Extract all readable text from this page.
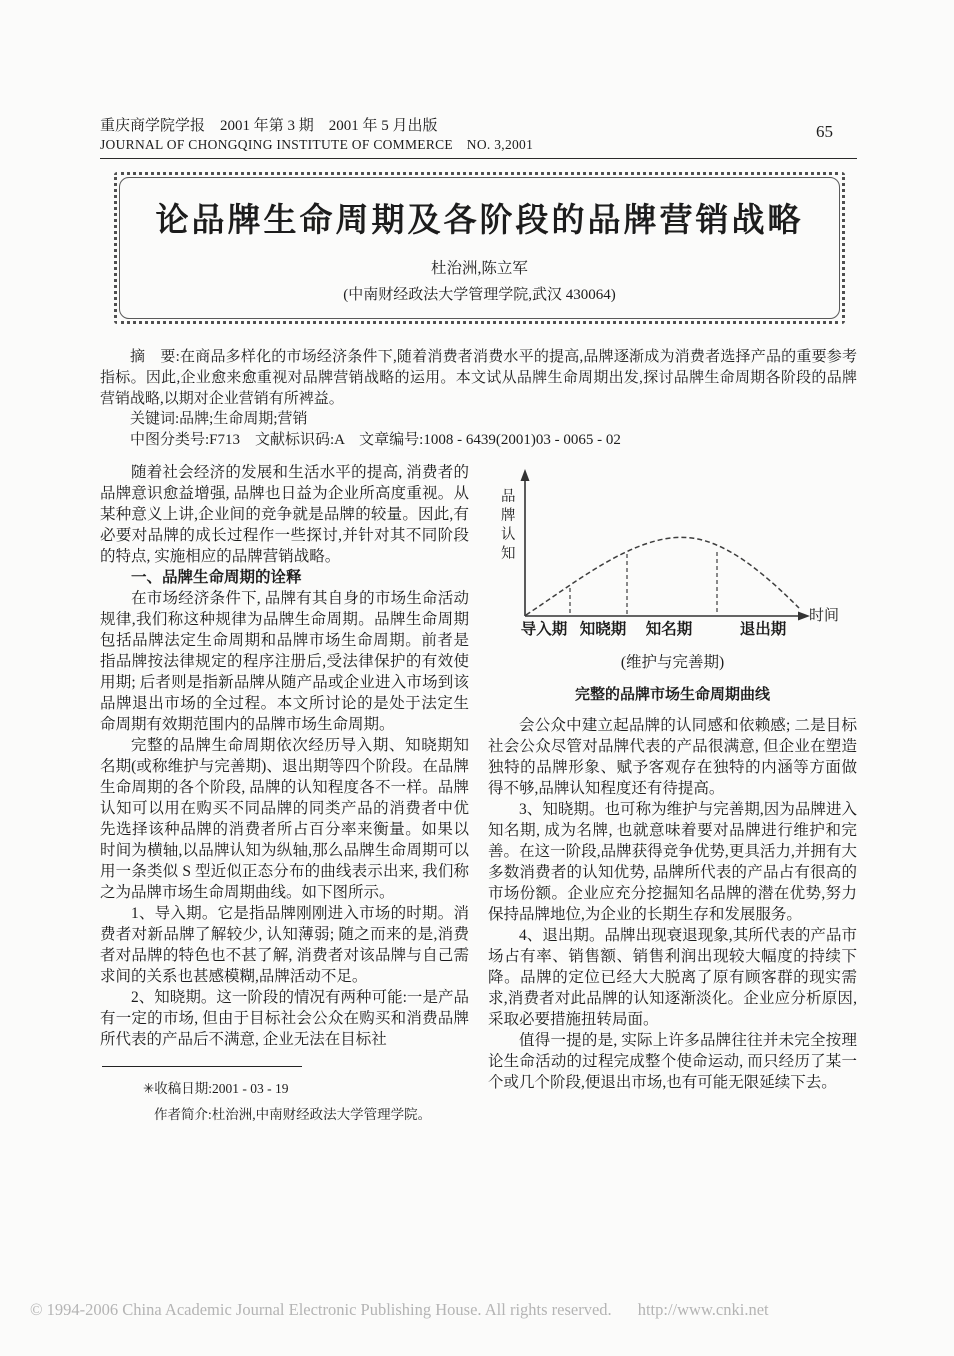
重庆商学院学报　2001 年第 3 期　2001 年 5 月出版
JOURNAL OF CHONGQING INSTITUTE OF COMMERCE　NO. 3,2001
65
论品牌生命周期及各阶段的品牌营销战略
杜治洲,陈立军
(中南财经政法大学管理学院,武汉 430064)

摘　要:在商品多样化的市场经济条件下,随着消费者消费水平的提高,品牌逐渐成为消费者选择产品的重要参考指标。因此,企业愈来愈重视对品牌营销战略的运用。本文试从品牌生命周期出发,探讨品牌生命周期各阶段的品牌营销战略,以期对企业营销有所裨益。

关键词:品牌;生命周期;营销

中图分类号:F713　文献标识码:A　文章编号:1008 - 6439(2001)03 - 0065 - 02

随着社会经济的发展和生活水平的提高, 消费者的品牌意识愈益增强, 品牌也日益为企业所高度重视。从某种意义上讲,企业间的竞争就是品牌的较量。因此,有必要对品牌的成长过程作一些探讨,并针对其不同阶段的特点, 实施相应的品牌营销战略。

一、品牌生命周期的诠释

在市场经济条件下, 品牌有其自身的市场生命活动规律,我们称这种规律为品牌生命周期。品牌生命周期包括品牌法定生命周期和品牌市场生命周期。前者是指品牌按法律规定的程序注册后,受法律保护的有效使用期; 后者则是指新品牌从随产品或企业进入市场到该品牌退出市场的全过程。本文所讨论的是处于法定生命周期有效期范围内的品牌市场生命周期。

完整的品牌生命周期依次经历导入期、知晓期知名期(或称维护与完善期)、退出期等四个阶段。在品牌生命周期的各个阶段, 品牌的认知程度各不一样。品牌认知可以用在购买不同品牌的同类产品的消费者中优先选择该种品牌的消费者所占百分率来衡量。如果以时间为横轴,以品牌认知为纵轴,那么品牌生命周期可以用一条类似 S 型近似正态分布的曲线表示出来, 我们称之为品牌市场生命周期曲线。如下图所示。

1、导入期。它是指品牌刚刚进入市场的时期。消费者对新品牌了解较少, 认知薄弱; 随之而来的是,消费者对品牌的特色也不甚了解, 消费者对该品牌与自己需求间的关系也甚感模糊,品牌活动不足。

2、知晓期。这一阶段的情况有两种可能:一是产品有一定的市场, 但由于目标社会公众在购买和消费品牌所代表的产品后不满意, 企业无法在目标社

✳收稿日期:2001 - 03 - 19

作者简介:杜治洲,中南财经政法大学管理学院。

品牌认知
时间
导入期 知晓期 知名期	退出期
(维护与完善期)
完整的品牌市场生命周期曲线

会公众中建立起品牌的认同感和依赖感; 二是目标社会公众尽管对品牌代表的产品很满意, 但企业在塑造独特的品牌形象、赋予客观存在独特的内涵等方面做得不够,品牌认知程度还有待提高。

3、知晓期。也可称为维护与完善期,因为品牌进入知名期, 成为名牌, 也就意味着要对品牌进行维护和完善。在这一阶段,品牌获得竞争优势,更具活力,并拥有大多数消费者的认知优势, 品牌所代表的产品占有很高的市场份额。企业应充分挖掘知名品牌的潜在优势,努力保持品牌地位,为企业的长期生存和发展服务。

4、退出期。品牌出现衰退现象,其所代表的产品市场占有率、销售额、销售利润出现较大幅度的持续下降。品牌的定位已经大大脱离了原有顾客群的现实需求,消费者对此品牌的认知逐渐淡化。企业应分析原因,采取必要措施扭转局面。

值得一提的是, 实际上许多品牌往往并未完全按理论生命活动的过程完成整个使命运动, 而只经历了某一个或几个阶段,便退出市场,也有可能无限延续下去。

© 1994-2006 China Academic Journal Electronic Publishing House. All rights reserved. http://www.cnki.net
